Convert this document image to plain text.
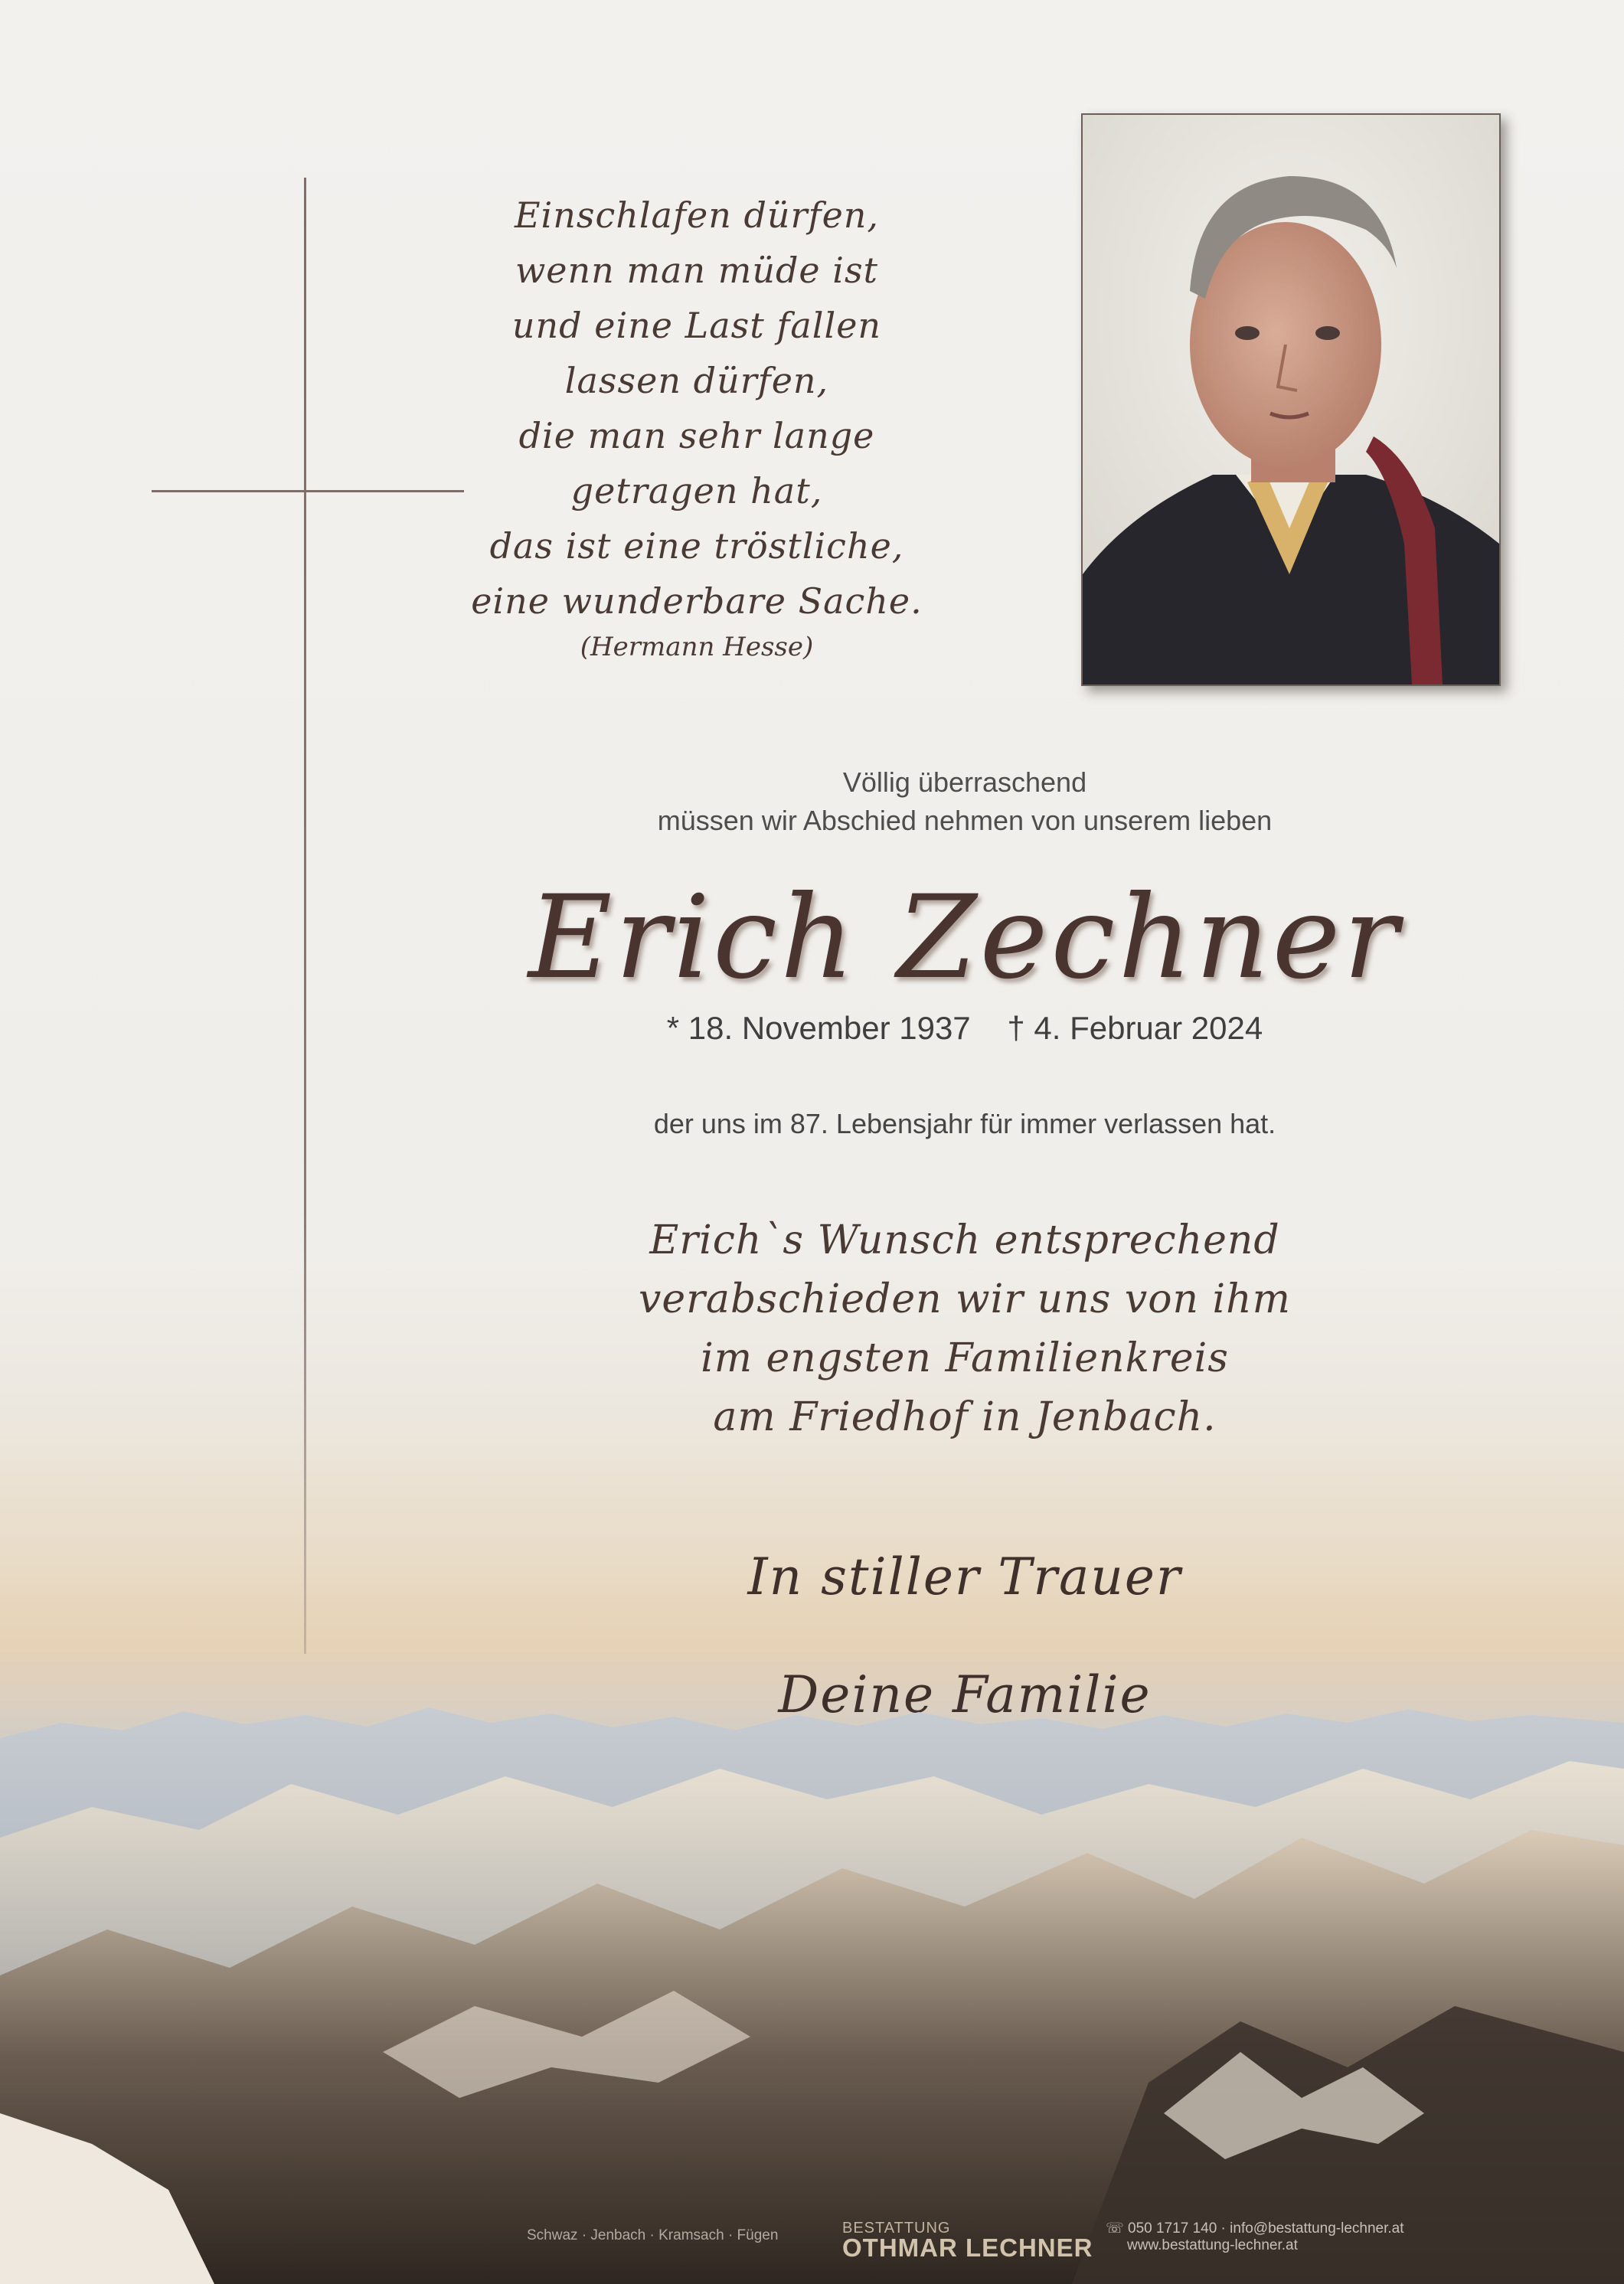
Einschlafen dürfen,
wenn man müde ist
und eine Last fallen
lassen dürfen,
die man sehr lange
getragen hat,
das ist eine tröstliche,
eine wunderbare Sache.
(Hermann Hesse)
Völlig überraschend
müssen wir Abschied nehmen von unserem lieben
Erich Zechner
* 18. November 1937 † 4. Februar 2024
der uns im 87. Lebensjahr für immer verlassen hat.
Erich`s Wunsch entsprechend
verabschieden wir uns von ihm
im engsten Familienkreis
am Friedhof in Jenbach.
In stiller Trauer
Deine Familie
Schwaz · Jenbach · Kramsach · Fügen	BESTATTUNG
OTHMAR LECHNER
☏ 050 1717 140 · info@bestattung-lechner.at
www.bestattung-lechner.at
